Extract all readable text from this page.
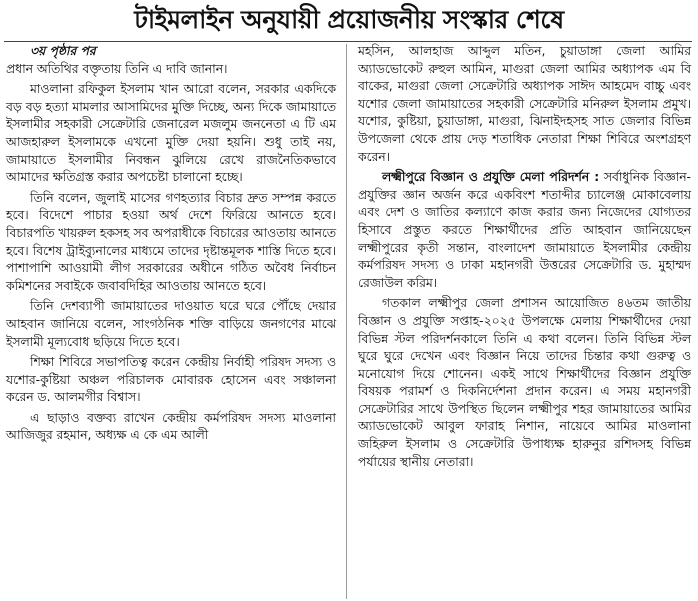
টাইমলাইন অনুযায়ী প্রয়োজনীয় সংস্কার শেষে

৩য় পৃষ্ঠার পর

প্রধান অতিথির বক্তৃতায় তিনি এ দাবি জানান।

মাওলানা রফিকুল ইসলাম খান আরো বলেন, সরকার একদিকে বড় বড় হত্যা মামলার আসামিদের মুক্তি দিচ্ছে, অন্য দিকে জামায়াতে ইসলামীর সহকারী সেক্রেটারি জেনারেল মজলুম জননেতা এ টি এম আজহারুল ইসলামকে এখনো মুক্তি দেয়া হয়নি। শুধু তাই নয়, জামায়াতে ইসলামীর নিবন্ধন ঝুলিয়ে রেখে রাজনৈতিকভাবে আমাদের ক্ষতিগ্রস্ত করার অপচেষ্টা চালানো হচ্ছে।

তিনি বলেন, জুলাই মাসের গণহত্যার বিচার দ্রুত সম্পন্ন করতে হবে। বিদেশে পাচার হওয়া অর্থ দেশে ফিরিয়ে আনতে হবে। বিচারপতি খায়রুল হকসহ সব অপরাধীকে বিচারের আওতায় আনতে হবে। বিশেষ ট্রাইব্যুনালের মাধ্যমে তাদের দৃষ্টান্তমূলক শাস্তি দিতে হবে। পাশাপাশি আওয়ামী লীগ সরকারের অধীনে গঠিত অবৈধ নির্বাচন কমিশনের সবাইকে জবাবদিহির আওতায় আনতে হবে।

তিনি দেশব্যাপী জামায়াতের দাওয়াত ঘরে ঘরে পৌঁছে দেয়ার আহবান জানিয়ে বলেন, সাংগঠনিক শক্তি বাড়িয়ে জনগণের মাঝে ইসলামী মূল্যবোধ ছড়িয়ে দিতে হবে।

শিক্ষা শিবিরে সভাপতিত্ব করেন কেন্দ্রীয় নির্বাহী পরিষদ সদস্য ও যশোর-কুষ্টিয়া অঞ্চল পরিচালক মোবারক হোসেন এবং সঞ্চালনা করেন ড. আলমগীর বিশ্বাস।

এ ছাড়াও বক্তব্য রাখেন কেন্দ্রীয় কর্মপরিষদ সদস্য মাওলানা আজিজুর রহমান, অধ্যক্ষ এ কে এম আলী

মহসিন, আলহাজ আব্দুল মতিন, চুয়াডাঙ্গা জেলা আমির অ্যাডভোকেট রুহুল আমিন, মাগুরা জেলা আমির অধ্যাপক এম বি বাকের, মাগুরা জেলা সেক্রেটারি অধ্যাপক সাঈদ আহমেদ বাচ্চু এবং যশোর জেলা জামায়াতের সহকারী সেক্রেটারি মনিরুল ইসলাম প্রমুখ। যশোর, কুষ্টিয়া, চুয়াডাঙ্গা, মাগুরা, ঝিনাইদহসহ সাত জেলার বিভিন্ন উপজেলা থেকে প্রায় দেড় শতাধিক নেতারা শিক্ষা শিবিরে অংশগ্রহণ করেন।

লক্ষ্মীপুরে বিজ্ঞান ও প্রযুক্তি মেলা পরিদর্শন : সর্বাধুনিক বিজ্ঞান-প্রযুক্তির জ্ঞান অর্জন করে একবিংশ শতাব্দীর চ্যালেঞ্জ মোকাবেলায় এবং দেশ ও জাতির কল্যাণে কাজ করার জন্য নিজেদের যোগ্যতর হিসাবে প্রস্তুত করতে শিক্ষার্থীদের প্রতি আহবান জানিয়েছেন লক্ষ্মীপুরের কৃতী সন্তান, বাংলাদেশ জামায়াতে ইসলামীর কেন্দ্রীয় কর্মপরিষদ সদস্য ও ঢাকা মহানগরী উত্তরের সেক্রেটারি ড. মুহাম্মদ রেজাউল করিম।

গতকাল লক্ষ্মীপুর জেলা প্রশাসন আয়োজিত ৪৬তম জাতীয় বিজ্ঞান ও প্রযুক্তি সপ্তাহ-২০২৫ উপলক্ষে মেলায় শিক্ষার্থীদের দেয়া বিভিন্ন স্টল পরিদর্শনকালে তিনি এ কথা বলেন। তিনি বিভিন্ন স্টল ঘুরে ঘুরে দেখেন এবং বিজ্ঞান নিয়ে তাদের চিন্তার কথা গুরুত্ব ও মনোযোগ দিয়ে শোনেন। একই সাথে শিক্ষার্থীদের বিজ্ঞান প্রযুক্তি বিষয়ক পরামর্শ ও দিকনির্দেশনা প্রদান করেন। এ সময় মহানগরী সেক্রেটারির সাথে উপস্থিত ছিলেন লক্ষ্মীপুর শহর জামায়াতের আমির অ্যাডভোকেট আবুল ফারাহ নিশান, নায়েবে আমির মাওলানা জহিরুল ইসলাম ও সেক্রেটারি উপাধ্যক্ষ হারুনুর রশিদসহ বিভিন্ন পর্যায়ের স্থানীয় নেতারা।
